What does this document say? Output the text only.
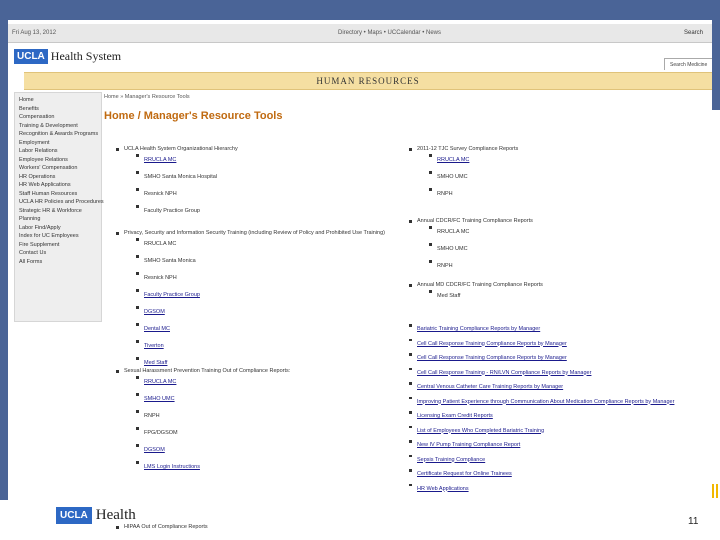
Fri Aug 13, 2012	Directory • Maps • UCCalendar • News	Search
UCLA Health System
Search Medicine
HUMAN RESOURCES
Home
Benefits
Compensation
Training & Development
Recognition & Awards Programs
Employment
Labor Relations
Employee Relations
Workers' Compensation
HR Operations
HR Web Applications
Staff Human Resources
UCLA HR Policies and Procedures
Strategic HR & Workforce
Planning
Labor Find/Apply
Index for UC Employees
Fire Supplement
Contact Us
All Forms
Home » Manager's Resource Tools
Home / Manager's Resource Tools
UCLA Health System Organizational Hierarchy
RRUCLA MC
SMHO Santa Monica Hospital
Resnick NPH
Faculty Practice Group
Privacy, Security and Information Security Training (including Review of Policy and Prohibited Use Training)
RRUCLA MC
SMHO Santa Monica
Resnick NPH
Faculty Practice Group
DGSOM
Dental MC
Tiverton
Med Staff
Sexual Harassment Prevention Training Out of Compliance Reports:
RRUCLA MC
SMHO UMC
RNPH
FPG/DGSOM
DGSOM
LMS Login Instructions
HIPAA Out of Compliance Reports
2011-12 TJC Survey Compliance Reports
RRUCLA MC
SMHO UMC
RNPH
Annual CDCR/FC Training Compliance Reports
RRUCLA MC
SMHO UMC
RNPH
Annual MD CDCR/FC Training Compliance Reports
Med Staff
Bariatric Training Compliance Reports by Manager
Cell Call Response Training Compliance Reports by Manager
Cell Call Response Training Compliance Reports by Manager
Cell Call Response Training - RN/LVN Compliance Reports by Manager
Central Venous Catheter Care Training Reports by Manager
Improving Patient Experience through Communication About Medication Compliance Reports by Manager
Licensing Exam Credit Reports
List of Employees Who Completed Bariatric Training
New IV Pump Training Compliance Report
Sepsis Training Compliance
Certificate Request for Online Trainees
HR Web Applications
UCLA Health	11
